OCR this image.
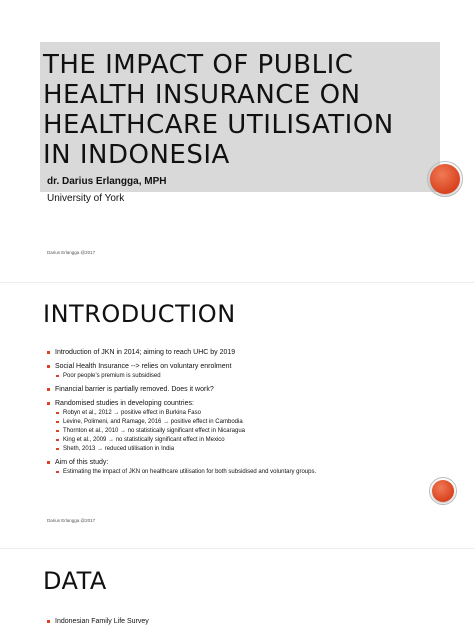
THE IMPACT OF PUBLIC
HEALTH INSURANCE ON
HEALTHCARE UTILISATION
IN INDONESIA
dr. Darius Erlangga, MPH
University of York
Darius Erlangga @2017
INTRODUCTION

Introduction of JKN in 2014; aiming to reach UHC by 2019

Social Health Insurance --> relies on voluntary enrolment

Poor people’s premium is subsidised

Financial barrier is partially removed. Does it work?

Randomised studies in developing countries:

Robyn et al., 2012 → positive effect in Burkina Faso

Levine, Polimeni, and Ramage, 2016 → positive effect in Cambodia

Thornton et al., 2010 → no statistically significant effect in Nicaragua

King et al., 2009 → no statistically significant effect in Mexico

Sheth, 2013 → reduced utilisation in India

Aim of this study:

Estimating the impact of JKN on healthcare utilisation for both subsidised and voluntary groups.

Darius Erlangga @2017
DATA

Indonesian Family Life Survey
